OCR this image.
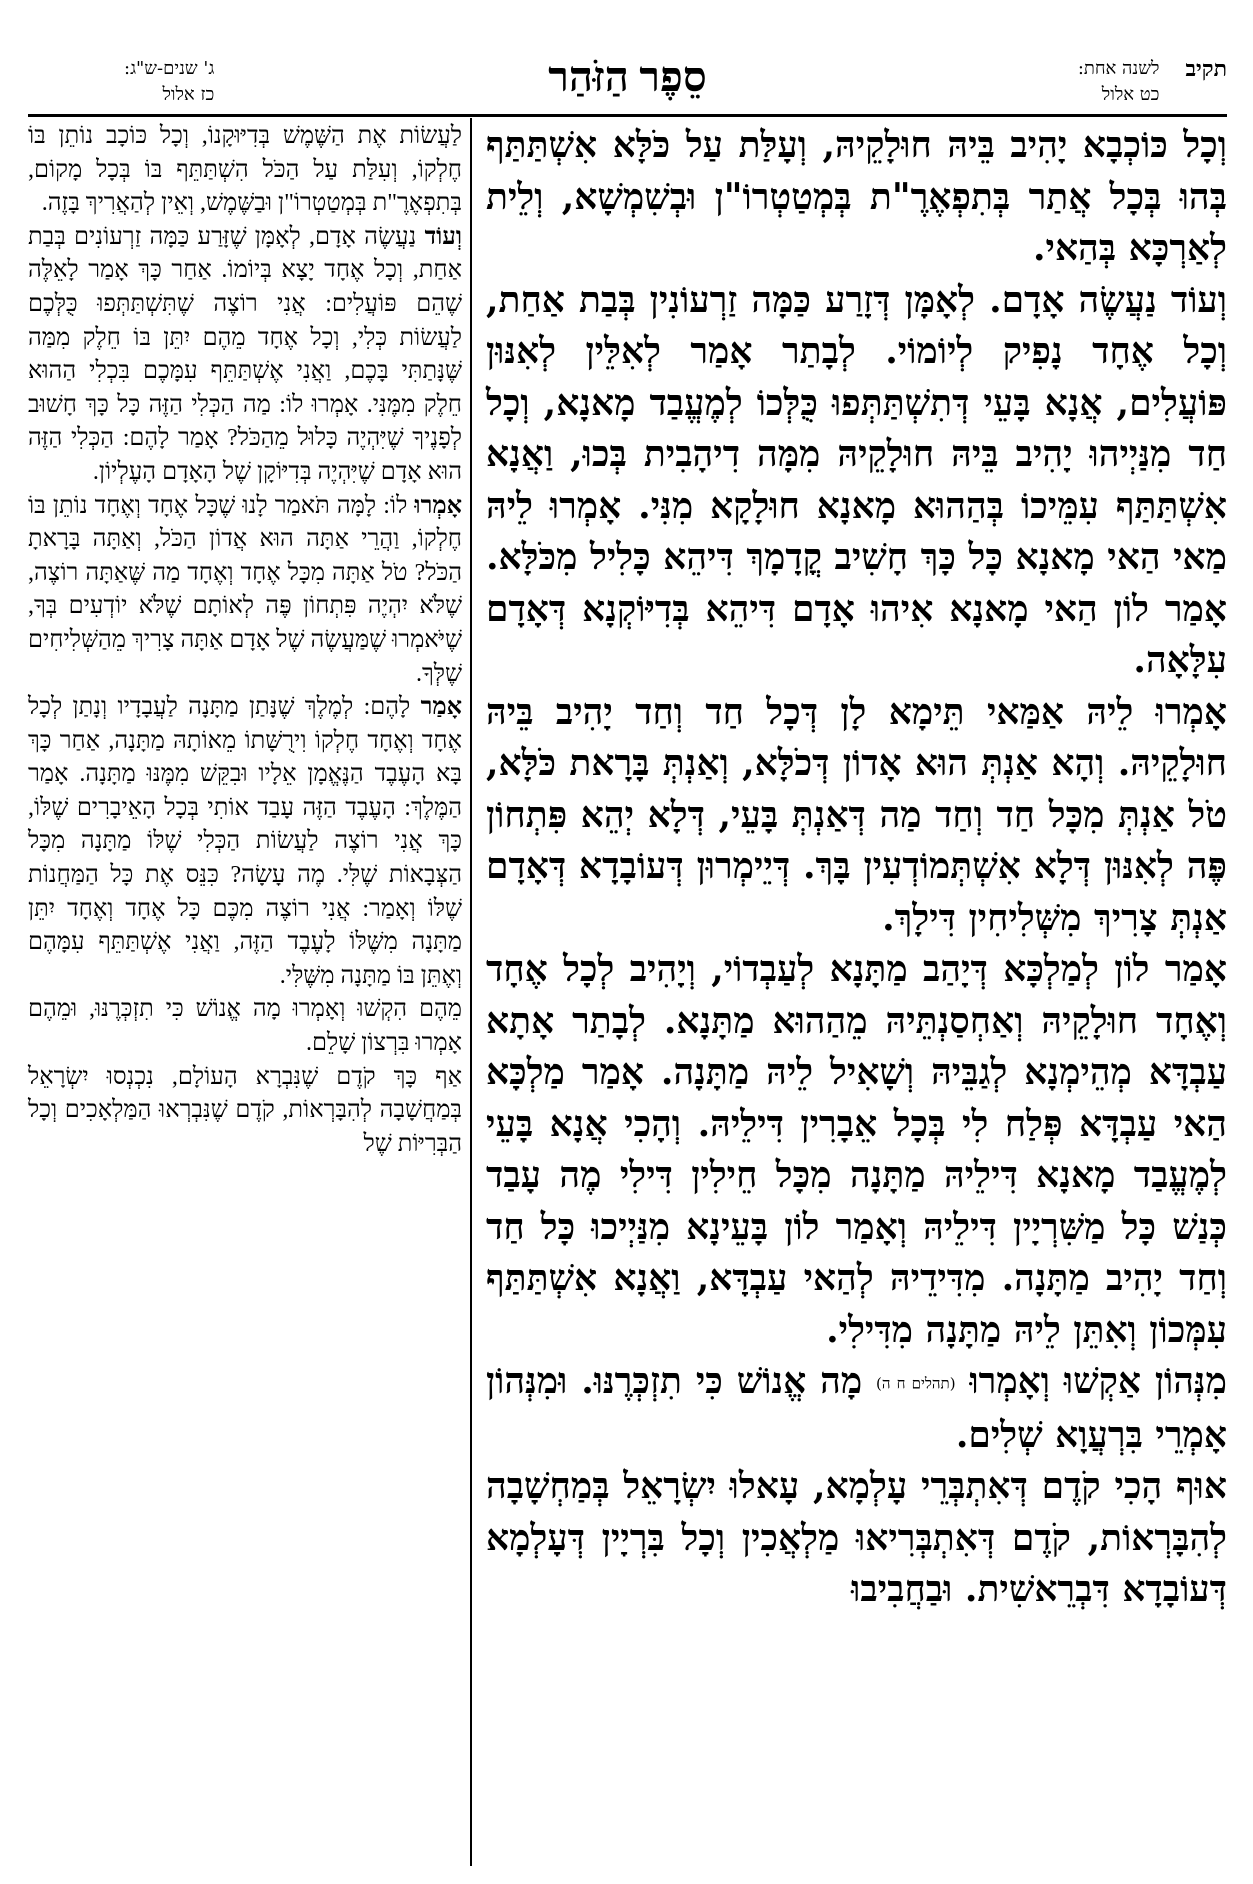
תקיב
לשנה אחת:
כט אלול
סֵפֶר הַזֹּהַר
ג' שנים-ש"ג:
כז אלול

וְכָל כּוֹכְבָא יָהִיב בֵּיהּ חוּלָקֵיהּ, וְעָלַּת עַל כֹּלָּא אִשְׁתַּתַּף בְּהוּ בְּכָל אֲתַר בְּתִפְאֶרֶ"ת בְּמְטַטְרוֹ"ן וּבְשִׁמְשָׁא, וְלֵית לְאַרְכָּא בְּהַאי.

וְעוֹד נַעֲשֶׂה אָדָם. לְאָמָּן דְּזָרַע כַּמָּה זַרְעוֹנִין בְּבַת אַחַת, וְכָל אֶחָד נָפִיק לְיוֹמוֹי. לְבָתַר אָמַר לְאִלֵּין לְאִנּוּן פּוֹעֲלִים, אֲנָא בָּעֵי דְּתִשְׁתַּתְּפוּ כֻּלְּכוֹ לְמֶעֱבַד מָאנָא, וְכָל חַד מִנַּיְיהוּ יָהִיב בֵּיהּ חוּלָקֵיהּ מִמָּה דִיהָבִית בְּכוּ, וַאֲנָא אִשְׁתַּתַּף עִמֵּיכוֹ בְּהַהוּא מָאנָא חוּלָקָא מִנִּי. אָמְרוּ לֵיהּ מַאי הַאי מָאנָא כָּל כָּךְ חָשִׁיב קֳדָמָךְ דִּיהֵא כָּלִיל מִכֹּלָּא. אָמַר לוֹן הַאי מָאנָא אִיהוּ אָדָם דִּיהֵא בְּדִיּוֹקְנָא דְּאָדָם עִלָּאָה.

אָמְרוּ לֵיהּ אַמַּאי תֵּימָא לָן דְּכָל חַד וְחַד יָהִיב בֵּיהּ חוּלָקֵיהּ. וְהָא אַנְתְּ הוּא אָדוֹן דְּכֹלָּא, וְאַנְתְּ בָּרָאת כֹּלָּא, טֹל אַנְתְּ מִכָּל חַד וְחַד מַה דְּאַנְתְּ בָּעֵי, דְּלָא יְהֵא פִּתְחוֹן פֶּה לְאִנּוּן דְּלָא אִשְׁתְּמוֹדְעִין בָּךְ. דְּיֵימְרוּן דְּעוֹבָדָא דְּאָדָם אַנְתְּ צָרִיךְ מִשְּׁלִיחִין דִּילָךְ.

אָמַר לוֹן לְמַלְכָּא דְּיָהַב מַתָּנָא לְעַבְדוֹי, וְיָהִיב לְכָל אֶחָד וְאֶחָד חוּלָקֵיהּ וְאַחְסַנְתֵּיהּ מֵהַהוּא מַתָּנָא. לְבָתַר אָתָא עַבְדָּא מְהֵימְנָא לְגַבֵּיהּ וְשָׁאִיל לֵיהּ מַתָּנָה. אָמַר מַלְכָּא הַאי עַבְדָּא פְּלַח לִי בְּכָל אֵבָרִין דִּילֵיהּ. וְהָכִי אֲנָא בָּעֵי לְמֶעֱבַד מָאנָא דִּילֵיהּ מַתָּנָה מִכָּל חֵילִין דִּילִי מֶה עָבַד כְּנַשׁ כָּל מַשִּׁרְיָין דִּילֵיהּ וְאָמַר לוֹן בָּעֵינָא מִנַּיְיכוּ כָּל חַד וְחַד יָהִיב מַתָּנָה. מִדִּידֵיהּ לְהַאי עַבְדָּא, וַאֲנָא אִשְׁתַּתַּף עִמְּכוֹן וְאִתֵּן לֵיהּ מַתָּנָה מִדִּילִי.

מִנְּהוֹן אַקְשׁוּ וְאָמְרוּ (תהלים ח ה) מָה אֱנוֹשׁ כִּי תִזְכְּרֶנּוּ. וּמִנְּהוֹן אָמְרֵי בִּרְעֲוָא שְׁלִים.

אוּף הָכִי קֹדֶם דְּאִתְבְּרֵי עָלְמָא, עָאלוּ יִשְׂרָאֵל בְּמַחְשָׁבָה לְהִבָּרְאוֹת, קֹדֶם דְּאִתְבְּרִיאוּ מַלְאֲכִין וְכָל בִּרְיָין דְּעָלְמָא דְּעוֹבָדָא דִּבְרֵאשִׁית. וּבַחֲבִיבוּ

לַעֲשׂוֹת אֶת הַשֶּׁמֶשׁ בְּדִיּוּקָנוֹ, וְכָל כּוֹכָב נוֹתֵן בּוֹ חֶלְקוֹ, וְעִלַּת עַל הַכֹּל הִשְׁתַּתֵּף בּוֹ בְּכָל מָקוֹם, בְּתִפְאֶרֶ"ת בְּמְטַטְרוֹ"ן וּבַשֶּׁמֶשׁ, וְאֵין לְהַאֲרִיךְ בָּזֶה.

וְעוֹד נַעֲשֶׂה אָדָם, לְאָמָּן שֶׁזָּרַע כַּמָּה זַרְעוֹנִים בְּבַת אַחַת, וְכָל אֶחָד יָצָא בְּיוֹמוֹ. אַחַר כָּךְ אָמַר לָאֵלֶּה שֶׁהֵם פּוֹעֲלִים: אֲנִי רוֹצֶה שֶׁתִּשְׁתַּתְּפוּ כֻּלְּכֶם לַעֲשׂוֹת כְּלִי, וְכָל אֶחָד מֵהֶם יִתֵּן בּוֹ חֵלֶק מִמַּה שֶּׁנָּתַתִּי בָּכֶם, וַאֲנִי אֶשְׁתַּתֵּף עִמָּכֶם בִּכְלִי הַהוּא חֵלֶק מִמֶּנִּי. אָמְרוּ לוֹ: מַה הַכְּלִי הַזֶּה כָּל כָּךְ חָשׁוּב לְפָנֶיךָ שֶׁיִּהְיֶה כָּלוּל מֵהַכֹּל? אָמַר לָהֶם: הַכְּלִי הַזֶּה הוּא אָדָם שֶׁיִּהְיֶה בְּדִיּוֹקָן שֶׁל הָאָדָם הָעֶלְיוֹן.

אָמְרוּ לוֹ: לָמָּה תֹּאמַר לָנוּ שֶׁכָּל אֶחָד וְאֶחָד נוֹתֵן בּוֹ חֶלְקוֹ, וַהֲרֵי אַתָּה הוּא אֲדוֹן הַכֹּל, וְאַתָּה בָּרָאתָ הַכֹּל? טֹל אַתָּה מִכָּל אֶחָד וְאֶחָד מַה שֶּׁאַתָּה רוֹצֶה, שֶׁלֹּא יִהְיֶה פִּתְחוֹן פֶּה לְאוֹתָם שֶׁלֹּא יוֹדְעִים בְּךָ, שֶׁיֹּאמְרוּ שֶׁמַּעֲשֶׂה שֶׁל אָדָם אַתָּה צָרִיךְ מֵהַשְּׁלִיחִים שֶׁלְּךָ.

אָמַר לָהֶם: לְמֶלֶךְ שֶׁנָּתַן מַתָּנָה לַעֲבָדָיו וְנָתַן לְכָל אֶחָד וְאֶחָד חֶלְקוֹ וִירֻשָּׁתוֹ מֵאוֹתָהּ מַתָּנָה, אַחַר כָּךְ בָּא הָעֶבֶד הַנֶּאֱמָן אֵלָיו וּבִקֵּשׁ מִמֶּנּוּ מַתָּנָה. אָמַר הַמֶּלֶךְ: הָעֶבֶד הַזֶּה עָבַד אוֹתִי בְּכָל הָאֵיבָרִים שֶׁלּוֹ, כָּךְ אֲנִי רוֹצֶה לַעֲשׂוֹת הַכְּלִי שֶׁלּוֹ מַתָּנָה מִכָּל הַצְּבָאוֹת שֶׁלִּי. מֶה עָשָׂה? כִּנֵּס אֶת כָּל הַמַּחֲנוֹת שֶׁלּוֹ וְאָמַר: אֲנִי רוֹצֶה מִכֶּם כָּל אֶחָד וְאֶחָד יִתֵּן מַתָּנָה מִשֶּׁלּוֹ לָעֶבֶד הַזֶּה, וַאֲנִי אֶשְׁתַּתֵּף עִמָּהֶם וְאֶתֵּן בּוֹ מַתָּנָה מִשֶּׁלִּי.

מֵהֶם הִקְשׁוּ וְאָמְרוּ מָה אֱנוֹשׁ כִּי תִזְכְּרֶנּוּ, וּמֵהֶם אָמְרוּ בִּרְצוֹן שָׁלֵם.

אַף כָּךְ קֹדֶם שֶׁנִּבְרָא הָעוֹלָם, נִכְנְסוּ יִשְׂרָאֵל בְּמַחֲשָׁבָה לְהִבָּרְאוֹת, קֹדֶם שֶׁנִּבְרְאוּ הַמַּלְאָכִים וְכָל הַבְּרִיּוֹת שֶׁל
